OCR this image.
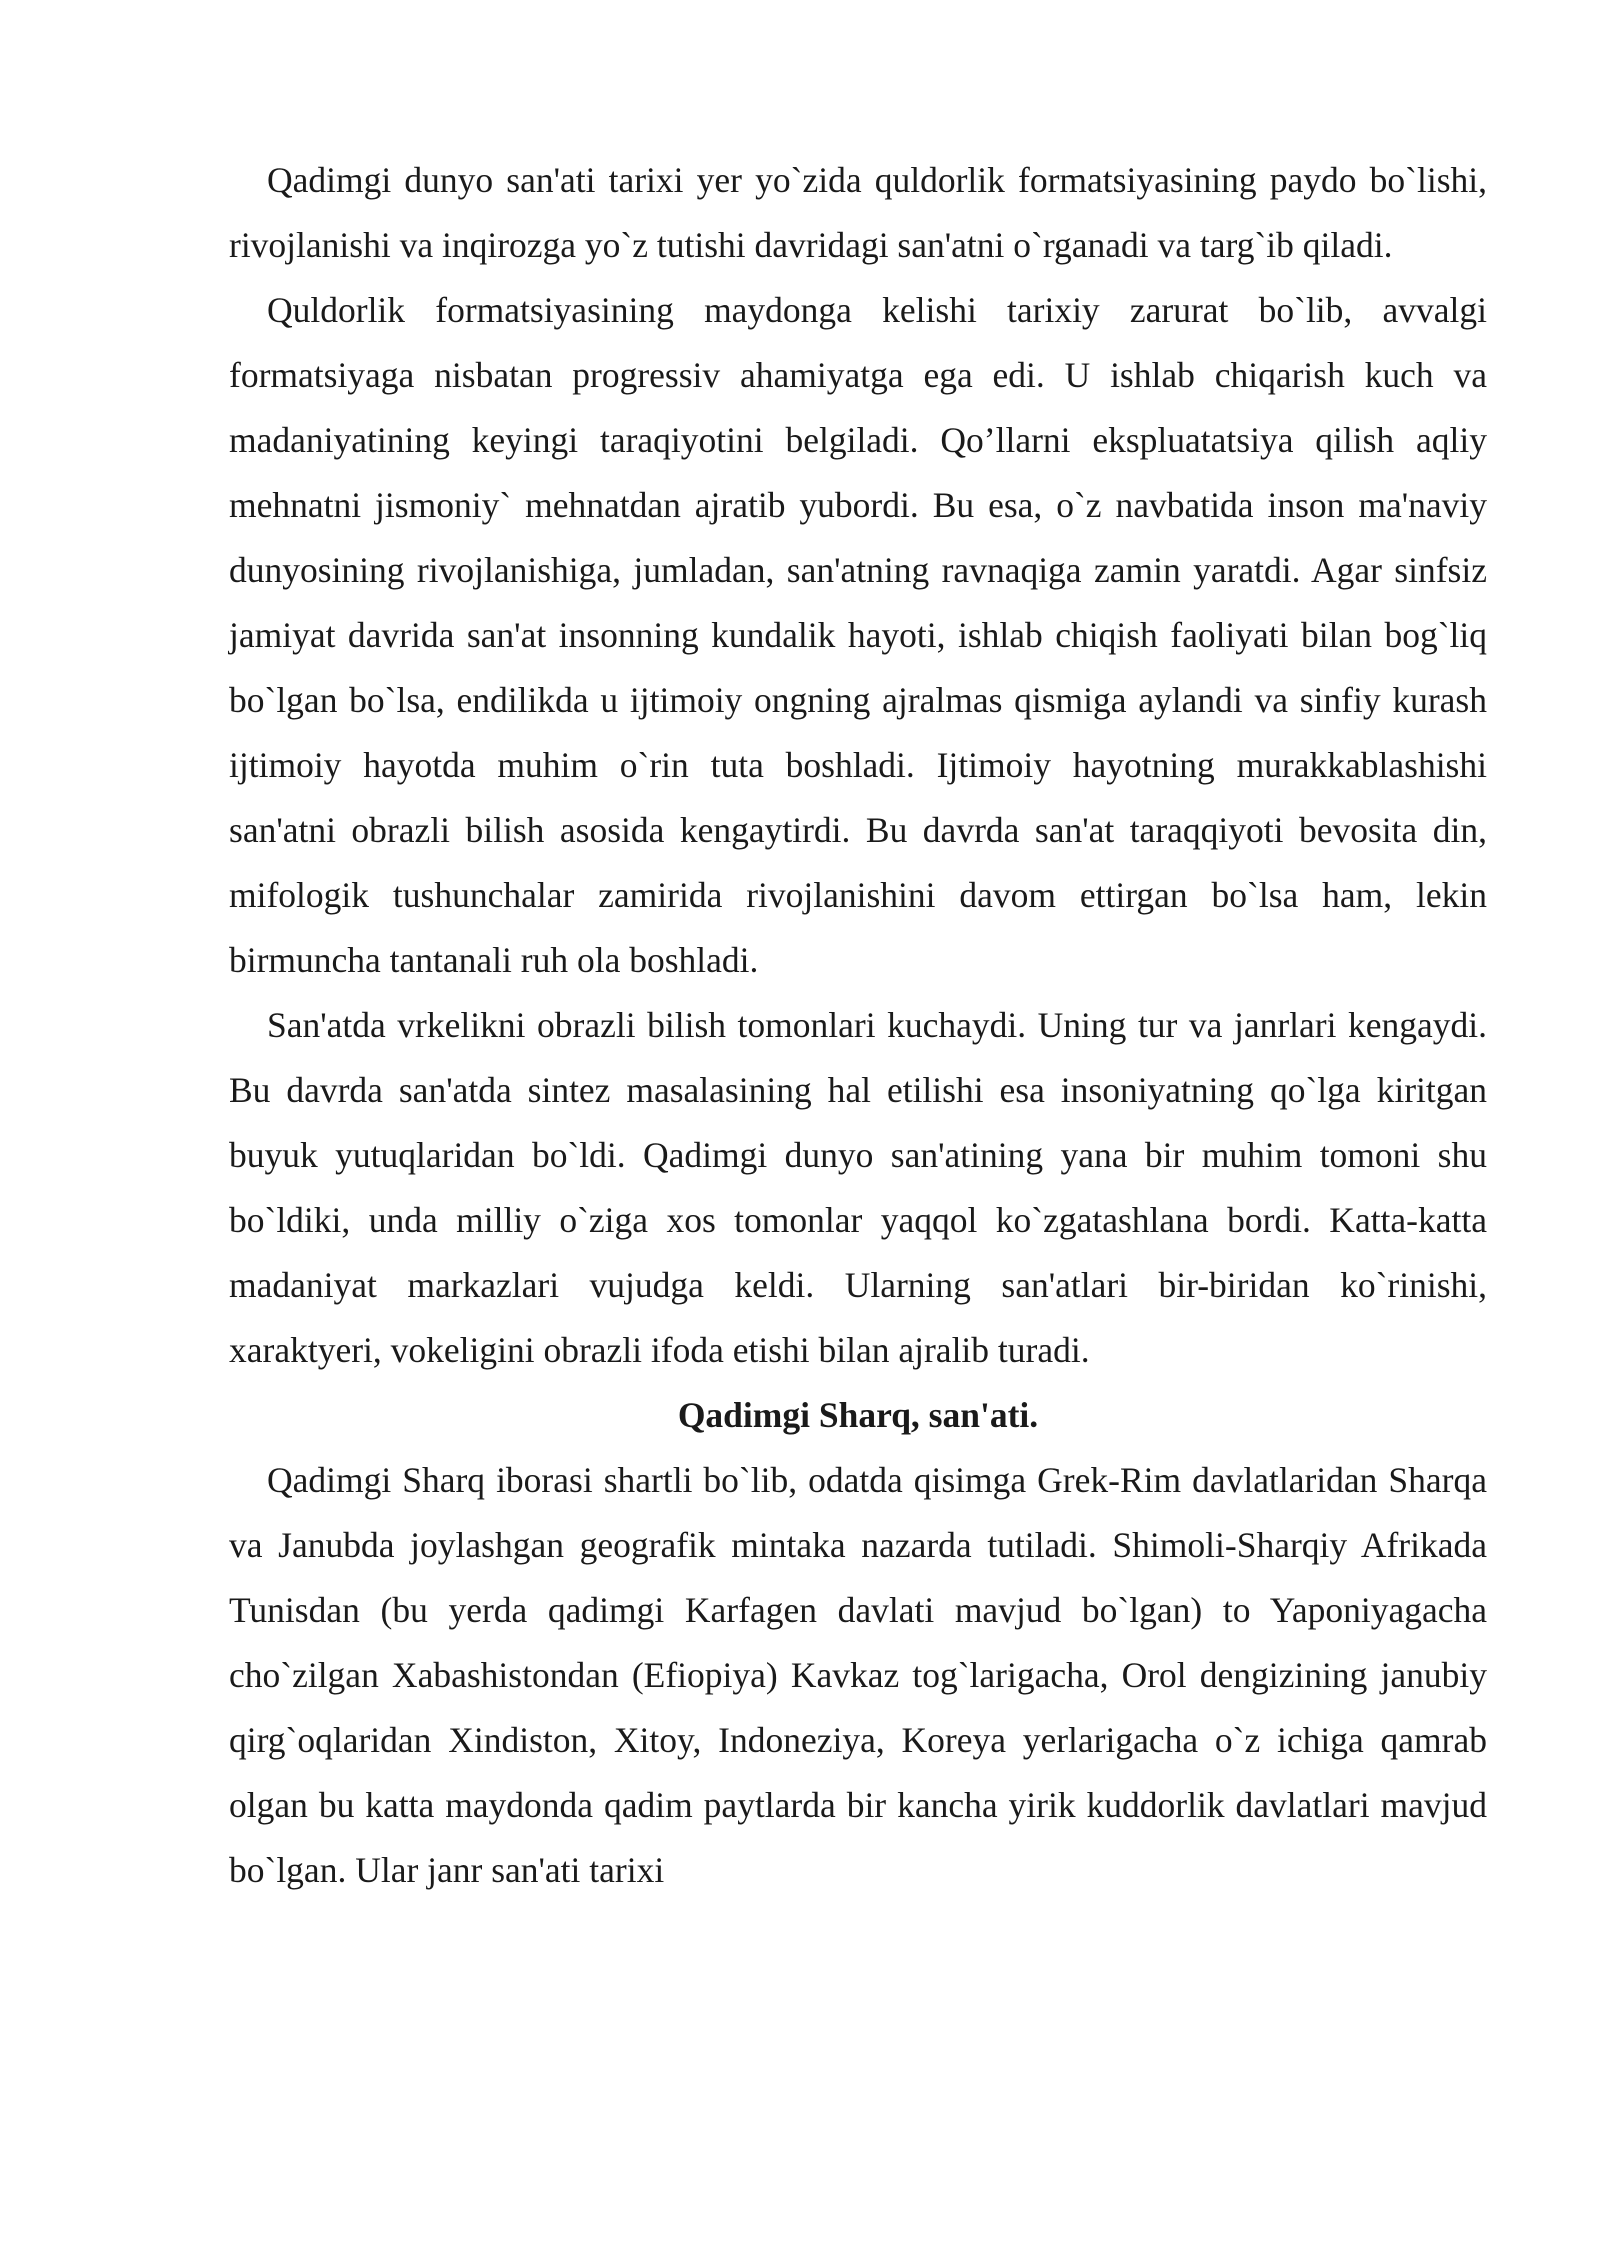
Qadimgi dunyo san'ati tarixi yer yo`zida quldorlik formatsiyasining paydo bo`lishi, rivojlanishi va inqirozga yo`z tutishi davridagi san'atni o`rganadi va targ`ib qiladi.

Quldorlik formatsiyasining maydonga kelishi tarixiy zarurat bo`lib, avvalgi formatsiyaga nisbatan progressiv ahamiyatga ega edi. U ishlab chiqarish kuch va madaniyatining keyingi taraqiyotini belgiladi. Qo’llarni ekspluatatsiya qilish aqliy mehnatni jismoniy` mehnatdan ajratib yubordi. Bu esa, o`z navbatida inson ma'naviy dunyosining rivojlanishiga, jumladan, san'atning ravnaqiga zamin yaratdi. Agar sinfsiz jamiyat davrida san'at insonning kundalik hayoti, ishlab chiqish faoliyati bilan bog`liq bo`lgan bo`lsa, endilikda u ijtimoiy ongning ajralmas qismiga aylandi va sinfiy kurash ijtimoiy hayotda muhim o`rin tuta boshladi. Ijtimoiy hayotning murakkablashishi san'atni obrazli bilish asosida kengaytirdi. Bu davrda san'at taraqqiyoti bevosita din, mifologik tushunchalar zamirida rivojlanishini davom ettirgan bo`lsa ham, lekin birmuncha tantanali ruh ola boshladi.

San'atda vrkelikni obrazli bilish tomonlari kuchaydi. Uning tur va janrlari kengaydi. Bu davrda san'atda sintez masalasining hal etilishi esa insoniyatning qo`lga kiritgan buyuk yutuqlaridan bo`ldi. Qadimgi dunyo san'atining yana bir muhim tomoni shu bo`ldiki, unda milliy o`ziga xos tomonlar yaqqol ko`zgatashlana bordi. Katta-katta madaniyat markazlari vujudga keldi. Ularning san'atlari bir-biridan ko`rinishi, xaraktyeri, vokeligini obrazli ifoda etishi bilan ajralib turadi.

Qadimgi Sharq, san'ati.

Qadimgi Sharq iborasi shartli bo`lib, odatda qisimga Grek-Rim davlatlaridan Sharqa va Janubda joylashgan geografik mintaka nazarda tutiladi. Shimoli-Sharqiy Afrikada Tunisdan (bu yerda qadimgi Karfagen davlati mavjud bo`lgan) to Yaponiyagacha cho`zilgan Xabashistondan (Efiopiya) Kavkaz tog`larigacha, Orol dengizining janubiy qirg`oqlaridan Xindiston, Xitoy, Indoneziya, Koreya yerlarigacha o`z ichiga qamrab olgan bu katta maydonda qadim paytlarda bir kancha yirik kuddorlik davlatlari mavjud bo`lgan. Ular janr san'ati tarixi
